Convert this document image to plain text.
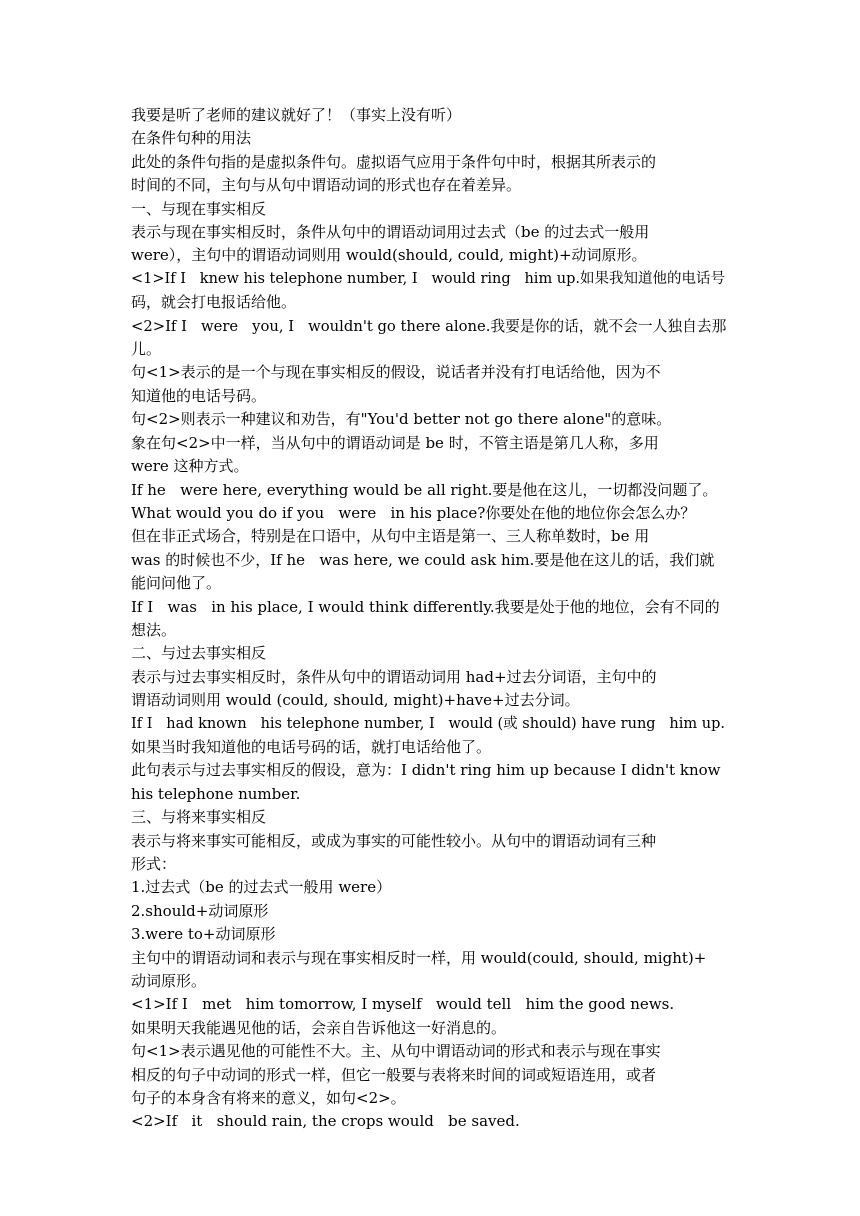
我要是听了老师的建议就好了！（事实上没有听）

在条件句种的用法

此处的条件句指的是虚拟条件句。虚拟语气应用于条件句中时，根据其所表示的

时间的不同，主句与从句中谓语动词的形式也存在着差异。

一、与现在事实相反

表示与现在事实相反时，条件从句中的谓语动词用过去式（be 的过去式一般用

were），主句中的谓语动词则用 would(should, could, might)+动词原形。

<1>If I   knew his telephone number, I   would ring   him up.如果我知道他的电话号

码，就会打电报话给他。

<2>If I   were   you, I   wouldn't go there alone.我要是你的话，就不会一人独自去那

儿。

句<1>表示的是一个与现在事实相反的假设，说话者并没有打电话给他，因为不

知道他的电话号码。

句<2>则表示一种建议和劝告，有"You'd better not go there alone"的意味。

象在句<2>中一样，当从句中的谓语动词是 be 时，不管主语是第几人称，多用

were 这种方式。

If he   were here, everything would be all right.要是他在这儿，一切都没问题了。

What would you do if you   were   in his place?你要处在他的地位你会怎么办？

但在非正式场合，特别是在口语中，从句中主语是第一、三人称单数时，be 用

was 的时候也不少，If he   was here, we could ask him.要是他在这儿的话，我们就

能问问他了。

If I   was   in his place, I would think differently.我要是处于他的地位，会有不同的

想法。

二、与过去事实相反

表示与过去事实相反时，条件从句中的谓语动词用 had+过去分词语，主句中的

谓语动词则用 would (could, should, might)+have+过去分词。

If I   had known   his telephone number, I   would (或 should) have rung   him up.

如果当时我知道他的电话号码的话，就打电话给他了。

此句表示与过去事实相反的假设，意为：I didn't ring him up because I didn't know

his telephone number.

三、与将来事实相反

表示与将来事实可能相反，或成为事实的可能性较小。从句中的谓语动词有三种

形式：

1.过去式（be 的过去式一般用 were）

2.should+动词原形

3.were to+动词原形

主句中的谓语动词和表示与现在事实相反时一样，用 would(could, should, might)+

动词原形。

<1>If I   met   him tomorrow, I myself   would tell   him the good news.

如果明天我能遇见他的话，会亲自告诉他这一好消息的。

句<1>表示遇见他的可能性不大。主、从句中谓语动词的形式和表示与现在事实

相反的句子中动词的形式一样，但它一般要与表将来时间的词或短语连用，或者

句子的本身含有将来的意义，如句<2>。

<2>If   it   should rain, the crops would   be saved.
